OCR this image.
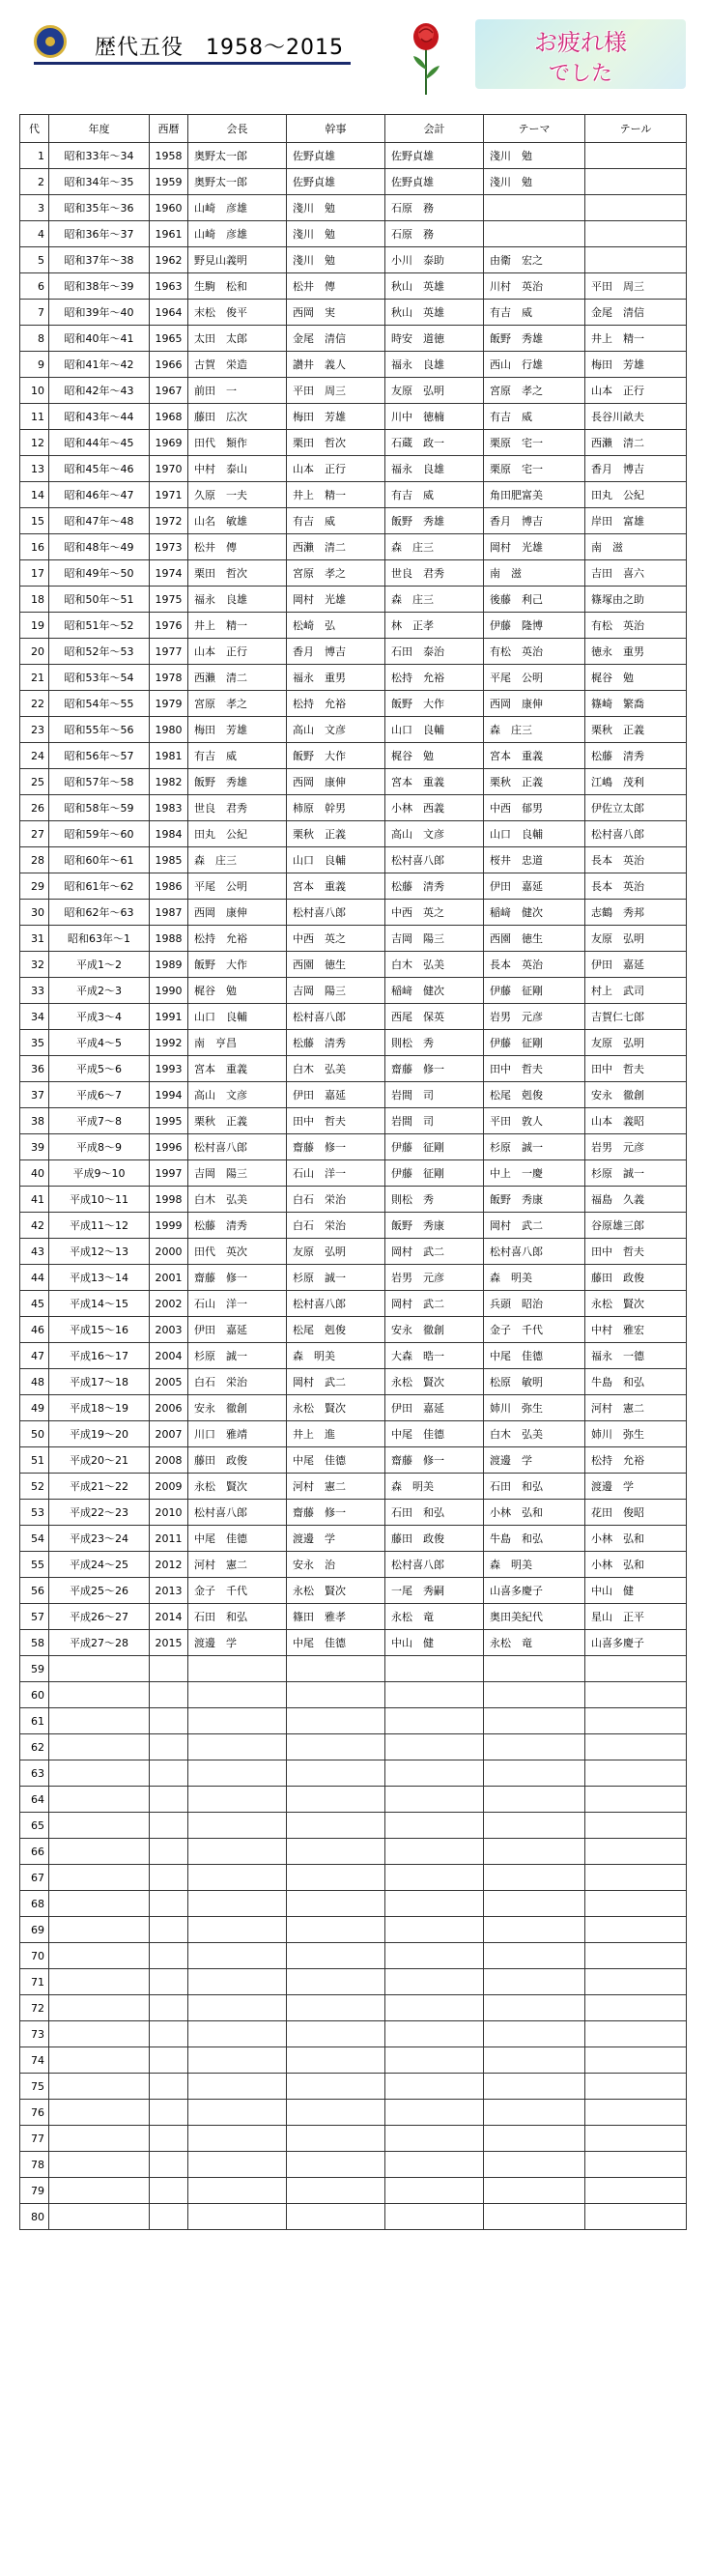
歴代五役　1958～2015	お疲れ様
でした
代	年度	西暦	会長	幹事	会計	テーマ	テール
1	昭和33年～34	1958	奥野太一郎	佐野貞雄	佐野貞雄	淺川　勉	
2	昭和34年～35	1959	奥野太一郎	佐野貞雄	佐野貞雄	淺川　勉	
3	昭和35年～36	1960	山崎　彦雄	淺川　勉	石原　務		
4	昭和36年～37	1961	山崎　彦雄	淺川　勉	石原　務		
5	昭和37年～38	1962	野見山義明	淺川　勉	小川　泰助	由衛　宏之	
6	昭和38年～39	1963	生駒　松和	松井　傳	秋山　英雄	川村　英治	平田　周三
7	昭和39年～40	1964	末松　俊平	西岡　実	秋山　英雄	有吉　威	金尾　清信
8	昭和40年～41	1965	太田　太郎	金尾　清信	時安　道徳	飯野　秀雄	井上　精一
9	昭和41年～42	1966	古賀　栄造	讃井　義人	福永　良雄	西山　行雄	梅田　芳雄
10	昭和42年～43	1967	前田　一	平田　周三	友原　弘明	宮原　孝之	山本　正行
11	昭和43年～44	1968	藤田　広次	梅田　芳雄	川中　徳楠	有吉　威	長谷川畝夫
12	昭和44年～45	1969	田代　類作	栗田　哲次	石蔵　政一	栗原　宅一	西瀨　清二
13	昭和45年～46	1970	中村　泰山	山本　正行	福永　良雄	栗原　宅一	香月　博吉
14	昭和46年～47	1971	久原　一夫	井上　精一	有吉　威	角田肥富美	田丸　公紀
15	昭和47年～48	1972	山名　敏雄	有吉　威	飯野　秀雄	香月　博吉	岸田　富雄
16	昭和48年～49	1973	松井　傳	西瀨　清二	森　庄三	岡村　光雄	南　滋
17	昭和49年～50	1974	栗田　哲次	宮原　孝之	世良　君秀	南　滋	吉田　喜六
18	昭和50年～51	1975	福永　良雄	岡村　光雄	森　庄三	後藤　利己	篠塚由之助
19	昭和51年～52	1976	井上　精一	松崎　弘	林　正孝	伊藤　隆博	有松　英治
20	昭和52年～53	1977	山本　正行	香月　博吉	石田　泰治	有松　英治	徳永　重男
21	昭和53年～54	1978	西瀨　清二	福永　重男	松持　允裕	平尾　公明	梶谷　勉
22	昭和54年～55	1979	宮原　孝之	松持　允裕	飯野　大作	西岡　康伸	篠崎　繁喬
23	昭和55年～56	1980	梅田　芳雄	高山　文彦	山口　良輔	森　庄三	栗秋　正義
24	昭和56年～57	1981	有吉　威	飯野　大作	梶谷　勉	宮本　重義	松藤　清秀
25	昭和57年～58	1982	飯野　秀雄	西岡　康伸	宮本　重義	栗秋　正義	江嶋　茂利
26	昭和58年～59	1983	世良　君秀	柿原　幹男	小林　西義	中西　郁男	伊佐立太郎
27	昭和59年～60	1984	田丸　公紀	栗秋　正義	高山　文彦	山口　良輔	松村喜八郎
28	昭和60年～61	1985	森　庄三	山口　良輔	松村喜八郎	桜井　忠道	長本　英治
29	昭和61年～62	1986	平尾　公明	宮本　重義	松藤　清秀	伊田　嘉延	長本　英治
30	昭和62年～63	1987	西岡　康伸	松村喜八郎	中西　英之	稲﨑　健次	志鶴　秀邦
31	昭和63年～1	1988	松持　允裕	中西　英之	吉岡　陽三	西園　徳生	友原　弘明
32	平成1～2	1989	飯野　大作	西園　徳生	白木　弘美	長本　英治	伊田　嘉延
33	平成2～3	1990	梶谷　勉	吉岡　陽三	稲﨑　健次	伊藤　征剛	村上　武司
34	平成3～4	1991	山口　良輔	松村喜八郎	西尾　保英	岩男　元彦	吉賀仁七郎
35	平成4～5	1992	南　亨昌	松藤　清秀	則松　秀	伊藤　征剛	友原　弘明
36	平成5～6	1993	宮本　重義	白木　弘美	齋藤　修一	田中　哲夫	田中　哲夫
37	平成6～7	1994	高山　文彦	伊田　嘉延	岩間　司	松尾　剋俊	安永　徹創
38	平成7～8	1995	栗秋　正義	田中　哲夫	岩間　司	平田　敦人	山本　義昭
39	平成8～9	1996	松村喜八郎	齋藤　修一	伊藤　征剛	杉原　誠一	岩男　元彦
40	平成9～10	1997	吉岡　陽三	石山　洋一	伊藤　征剛	中上　一慶	杉原　誠一
41	平成10～11	1998	白木　弘美	白石　栄治	則松　秀	飯野　秀康	福島　久義
42	平成11～12	1999	松藤　清秀	白石　栄治	飯野　秀康	岡村　武二	谷原雄三郎
43	平成12～13	2000	田代　英次	友原　弘明	岡村　武二	松村喜八郎	田中　哲夫
44	平成13～14	2001	齋藤　修一	杉原　誠一	岩男　元彦	森　明美	藤田　政俊
45	平成14～15	2002	石山　洋一	松村喜八郎	岡村　武二	兵頭　昭治	永松　賢次
46	平成15～16	2003	伊田　嘉延	松尾　剋俊	安永　徹創	金子　千代	中村　雅宏
47	平成16～17	2004	杉原　誠一	森　明美	大森　晧一	中尾　佳德	福永　一德
48	平成17～18	2005	白石　栄治	岡村　武二	永松　賢次	松原　敏明	牛島　和弘
49	平成18～19	2006	安永　徹創	永松　賢次	伊田　嘉延	姉川　弥生	河村　憲二
50	平成19～20	2007	川口　雅靖	井上　進	中尾　佳德	白木　弘美	姉川　弥生
51	平成20～21	2008	藤田　政俊	中尾　佳德	齋藤　修一	渡邊　学	松持　允裕
52	平成21～22	2009	永松　賢次	河村　憲二	森　明美	石田　和弘	渡邊　学
53	平成22～23	2010	松村喜八郎	齋藤　修一	石田　和弘	小林　弘和	花田　俊昭
54	平成23～24	2011	中尾　佳德	渡邊　学	藤田　政俊	牛島　和弘	小林　弘和
55	平成24～25	2012	河村　憲二	安永　治	松村喜八郎	森　明美	小林　弘和
56	平成25～26	2013	金子　千代	永松　賢次	一尾　秀嗣	山喜多慶子	中山　健
57	平成26～27	2014	石田　和弘	篠田　雅孝	永松　竜	奥田美紀代	星山　正平
58	平成27～28	2015	渡邊　学	中尾　佳德	中山　健	永松　竜	山喜多慶子
59							
60							
61							
62							
63							
64							
65							
66							
67							
68							
69							
70							
71							
72							
73							
74							
75							
76							
77							
78							
79							
80							
